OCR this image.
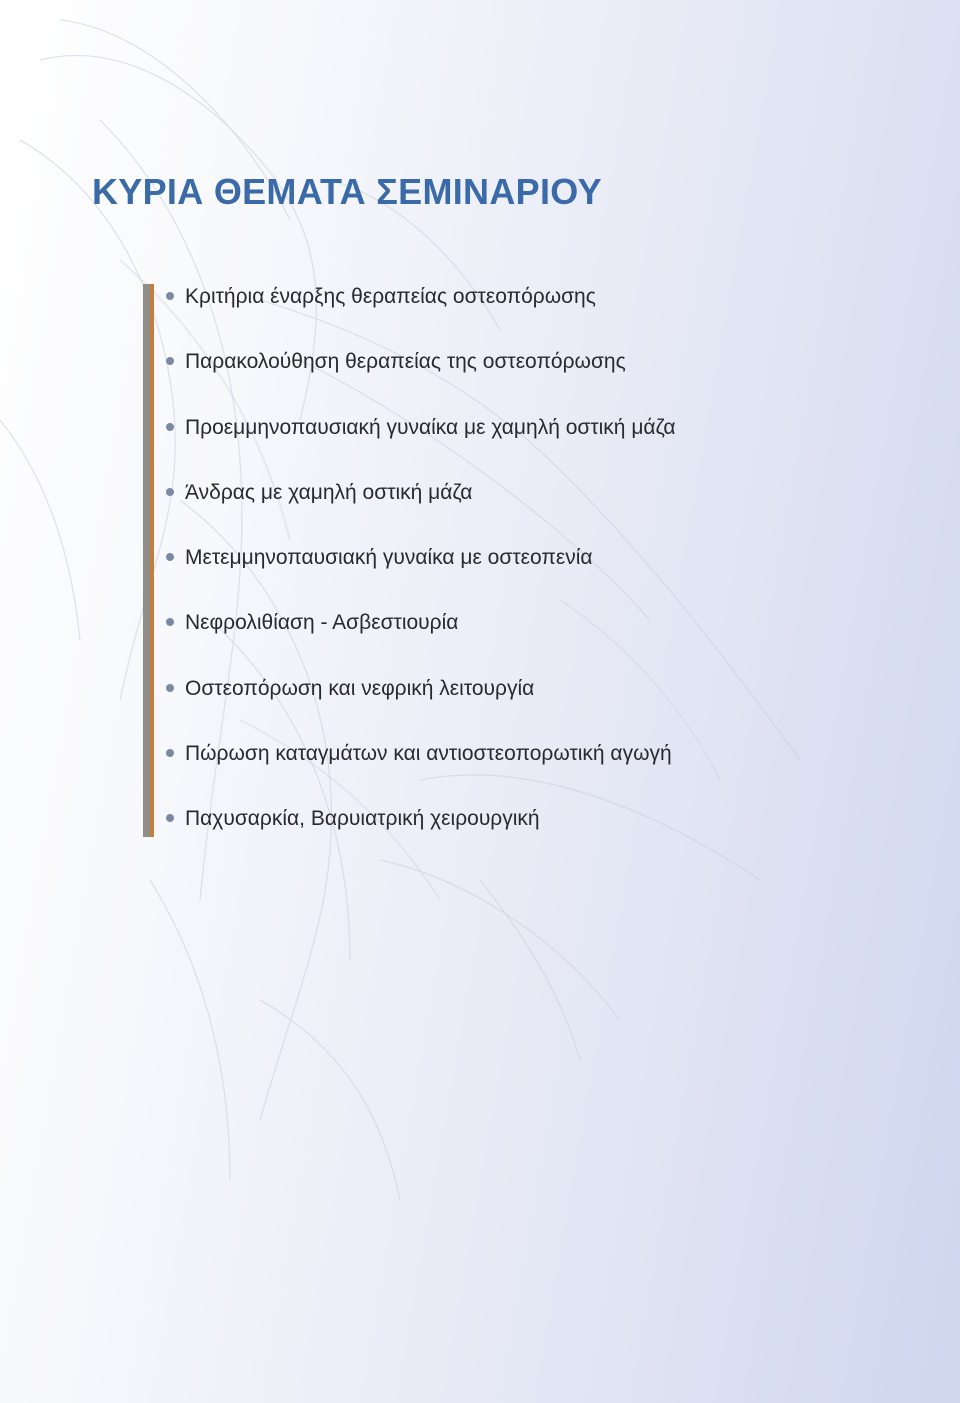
ΚΥΡΙΑ ΘΕΜΑΤΑ ΣΕΜΙΝΑΡΙΟΥ
Κριτήρια έναρξης θεραπείας οστεοπόρωσης
Παρακολούθηση θεραπείας της οστεοπόρωσης
Προεμμηνοπαυσιακή γυναίκα με χαμηλή οστική μάζα
Άνδρας με χαμηλή οστική μάζα
Μετεμμηνοπαυσιακή γυναίκα με οστεοπενία
Νεφρολιθίαση - Ασβεστιουρία
Οστεοπόρωση και νεφρική λειτουργία
Πώρωση καταγμάτων και αντιοστεοπορωτική αγωγή
Παχυσαρκία, Βαρυιατρική χειρουργική
